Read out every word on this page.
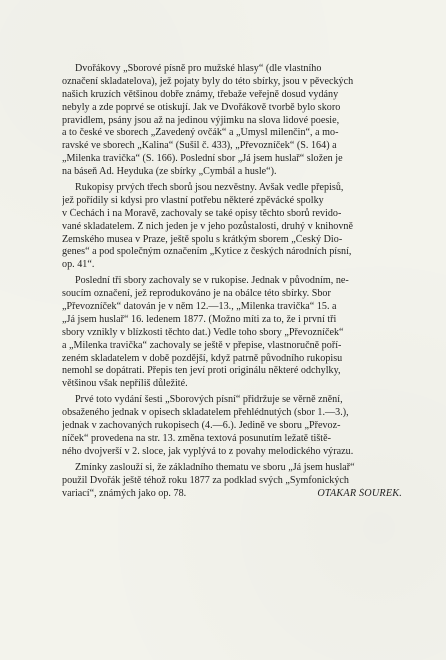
Dvořákovy „Sborové písně pro mužské hlasy“ (dle vlastního
označení skladatelova), jež pojaty byly do této sbírky, jsou v pěveckých
našich kruzích většinou dobře známy, třebaže veřejně dosud vydány
nebyly a zde poprvé se otiskují. Jak ve Dvořákově tvorbě bylo skoro
pravidlem, psány jsou až na jedinou výjimku na slova lidové poesie,
a to české ve sborech „Zavedený ovčák“ a „Úmysl milenčin“, a mo-
ravské ve sborech „Kalina“ (Sušil č. 433), „Převozníček“ (S. 164) a
„Milenka travička“ (S. 166). Poslední sbor „Já jsem huslař“ složen je
na báseň Ad. Heyduka (ze sbírky „Cymbál a husle“).
Rukopisy prvých třech sborů jsou nezvěstny. Avšak vedle přepisů,
jež pořídily si kdysi pro vlastní potřebu některé zpěvácké spolky
v Čechách i na Moravě, zachovaly se také opisy těchto sborů revido-
vané skladatelem. Z nich jeden je v jeho pozůstalosti, druhý v knihovně
Zemského musea v Praze, ještě spolu s krátkým sborem „Český Dio-
genes“ a pod společným označením „Kytice z českých národních písní,
op. 41“.
Poslední tři sbory zachovaly se v rukopise. Jednak v původním, ne-
soucím označení, jež reprodukováno je na obálce této sbírky. Sbor
„Převozníček“ datován je v něm 12.—13., „Milenka travička“ 15. a
„Já jsem huslař“ 16. ledenem 1877. (Možno míti za to, že i první tři
sbory vznikly v blízkosti těchto dat.) Vedle toho sbory „Převozníček“
a „Milenka travička“ zachovaly se ještě v přepise, vlastnoručně poří-
zeném skladatelem v době pozdější, když patrně původního rukopisu
nemohl se dopátrati. Přepis ten jeví proti originálu některé odchylky,
většinou však nepříliš důležité.
Prvé toto vydání šesti „Sborových písní“ přidržuje se věrně znění,
obsaženého jednak v opisech skladatelem přehlédnutých (sbor 1.—3.),
jednak v zachovaných rukopisech (4.—6.). Jedině ve sboru „Převoz-
níček“ provedena na str. 13. změna textová posunutím ležatě tiště-
ného dvojverší v 2. sloce, jak vyplývá to z povahy melodického výrazu.
Zmínky zaslouží si, že základního thematu ve sboru „Já jsem huslař“
použil Dvořák ještě téhož roku 1877 za podklad svých „Symfonických
variací“, známých jako op. 78.	OTAKAR ŠOUREK.
